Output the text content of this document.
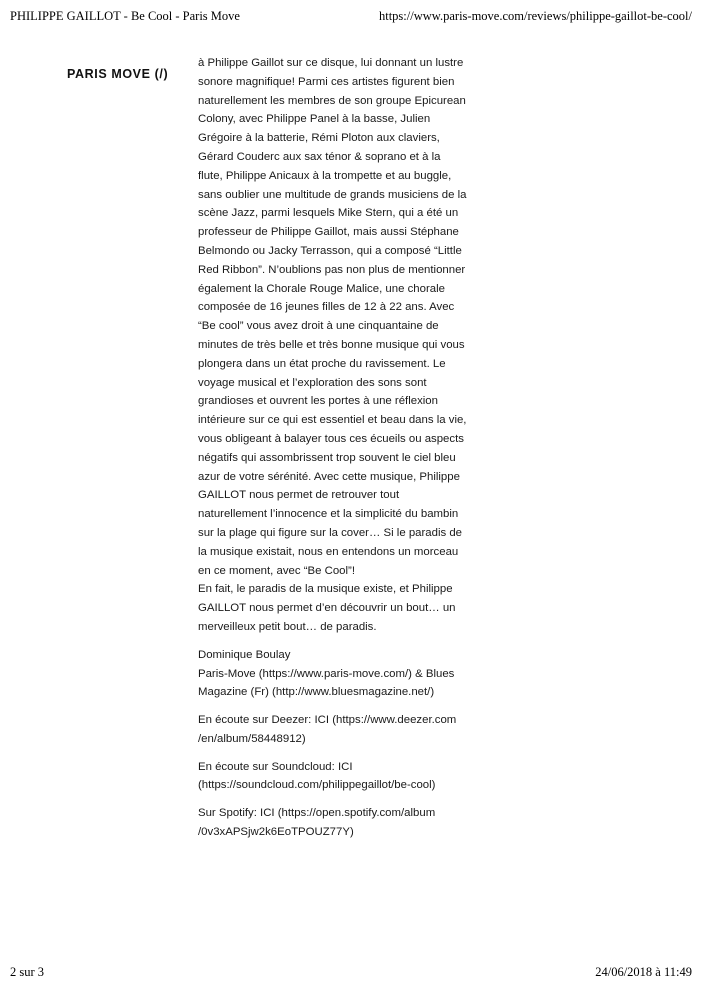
PHILIPPE GAILLOT - Be Cool - Paris Move	https://www.paris-move.com/reviews/philippe-gaillot-be-cool/
PARIS MOVE (/)

à Philippe Gaillot sur ce disque, lui donnant un lustre sonore magnifique! Parmi ces artistes figurent bien naturellement les membres de son groupe Epicurean Colony, avec Philippe Panel à la basse, Julien Grégoire à la batterie, Rémi Ploton aux claviers, Gérard Couderc aux sax ténor & soprano et à la flute, Philippe Anicaux à la trompette et au buggle, sans oublier une multitude de grands musiciens de la scène Jazz, parmi lesquels Mike Stern, qui a été un professeur de Philippe Gaillot, mais aussi Stéphane Belmondo ou Jacky Terrasson, qui a composé “Little Red Ribbon”. N’oublions pas non plus de mentionner également la Chorale Rouge Malice, une chorale composée de 16 jeunes filles de 12 à 22 ans. Avec “Be cool” vous avez droit à une cinquantaine de minutes de très belle et très bonne musique qui vous plongera dans un état proche du ravissement. Le voyage musical et l’exploration des sons sont grandioses et ouvrent les portes à une réflexion intérieure sur ce qui est essentiel et beau dans la vie, vous obligeant à balayer tous ces écueils ou aspects négatifs qui assombrissent trop souvent le ciel bleu azur de votre sérénité. Avec cette musique, Philippe GAILLOT nous permet de retrouver tout naturellement l’innocence et la simplicité du bambin sur la plage qui figure sur la cover… Si le paradis de la musique existait, nous en entendons un morceau en ce moment, avec “Be Cool”!

En fait, le paradis de la musique existe, et Philippe GAILLOT nous permet d’en découvrir un bout… un merveilleux petit bout… de paradis.

Dominique Boulay
Paris-Move (https://www.paris-move.com/) & Blues Magazine (Fr) (http://www.bluesmagazine.net/)

En écoute sur Deezer: ICI (https://www.deezer.com /en/album/58448912)

En écoute sur Soundcloud: ICI (https://soundcloud.com/philippegaillot/be-cool)

Sur Spotify: ICI (https://open.spotify.com/album /0v3xAPSjw2k6EoTPOUZ77Y)

2 sur 3	24/06/2018 à 11:49
